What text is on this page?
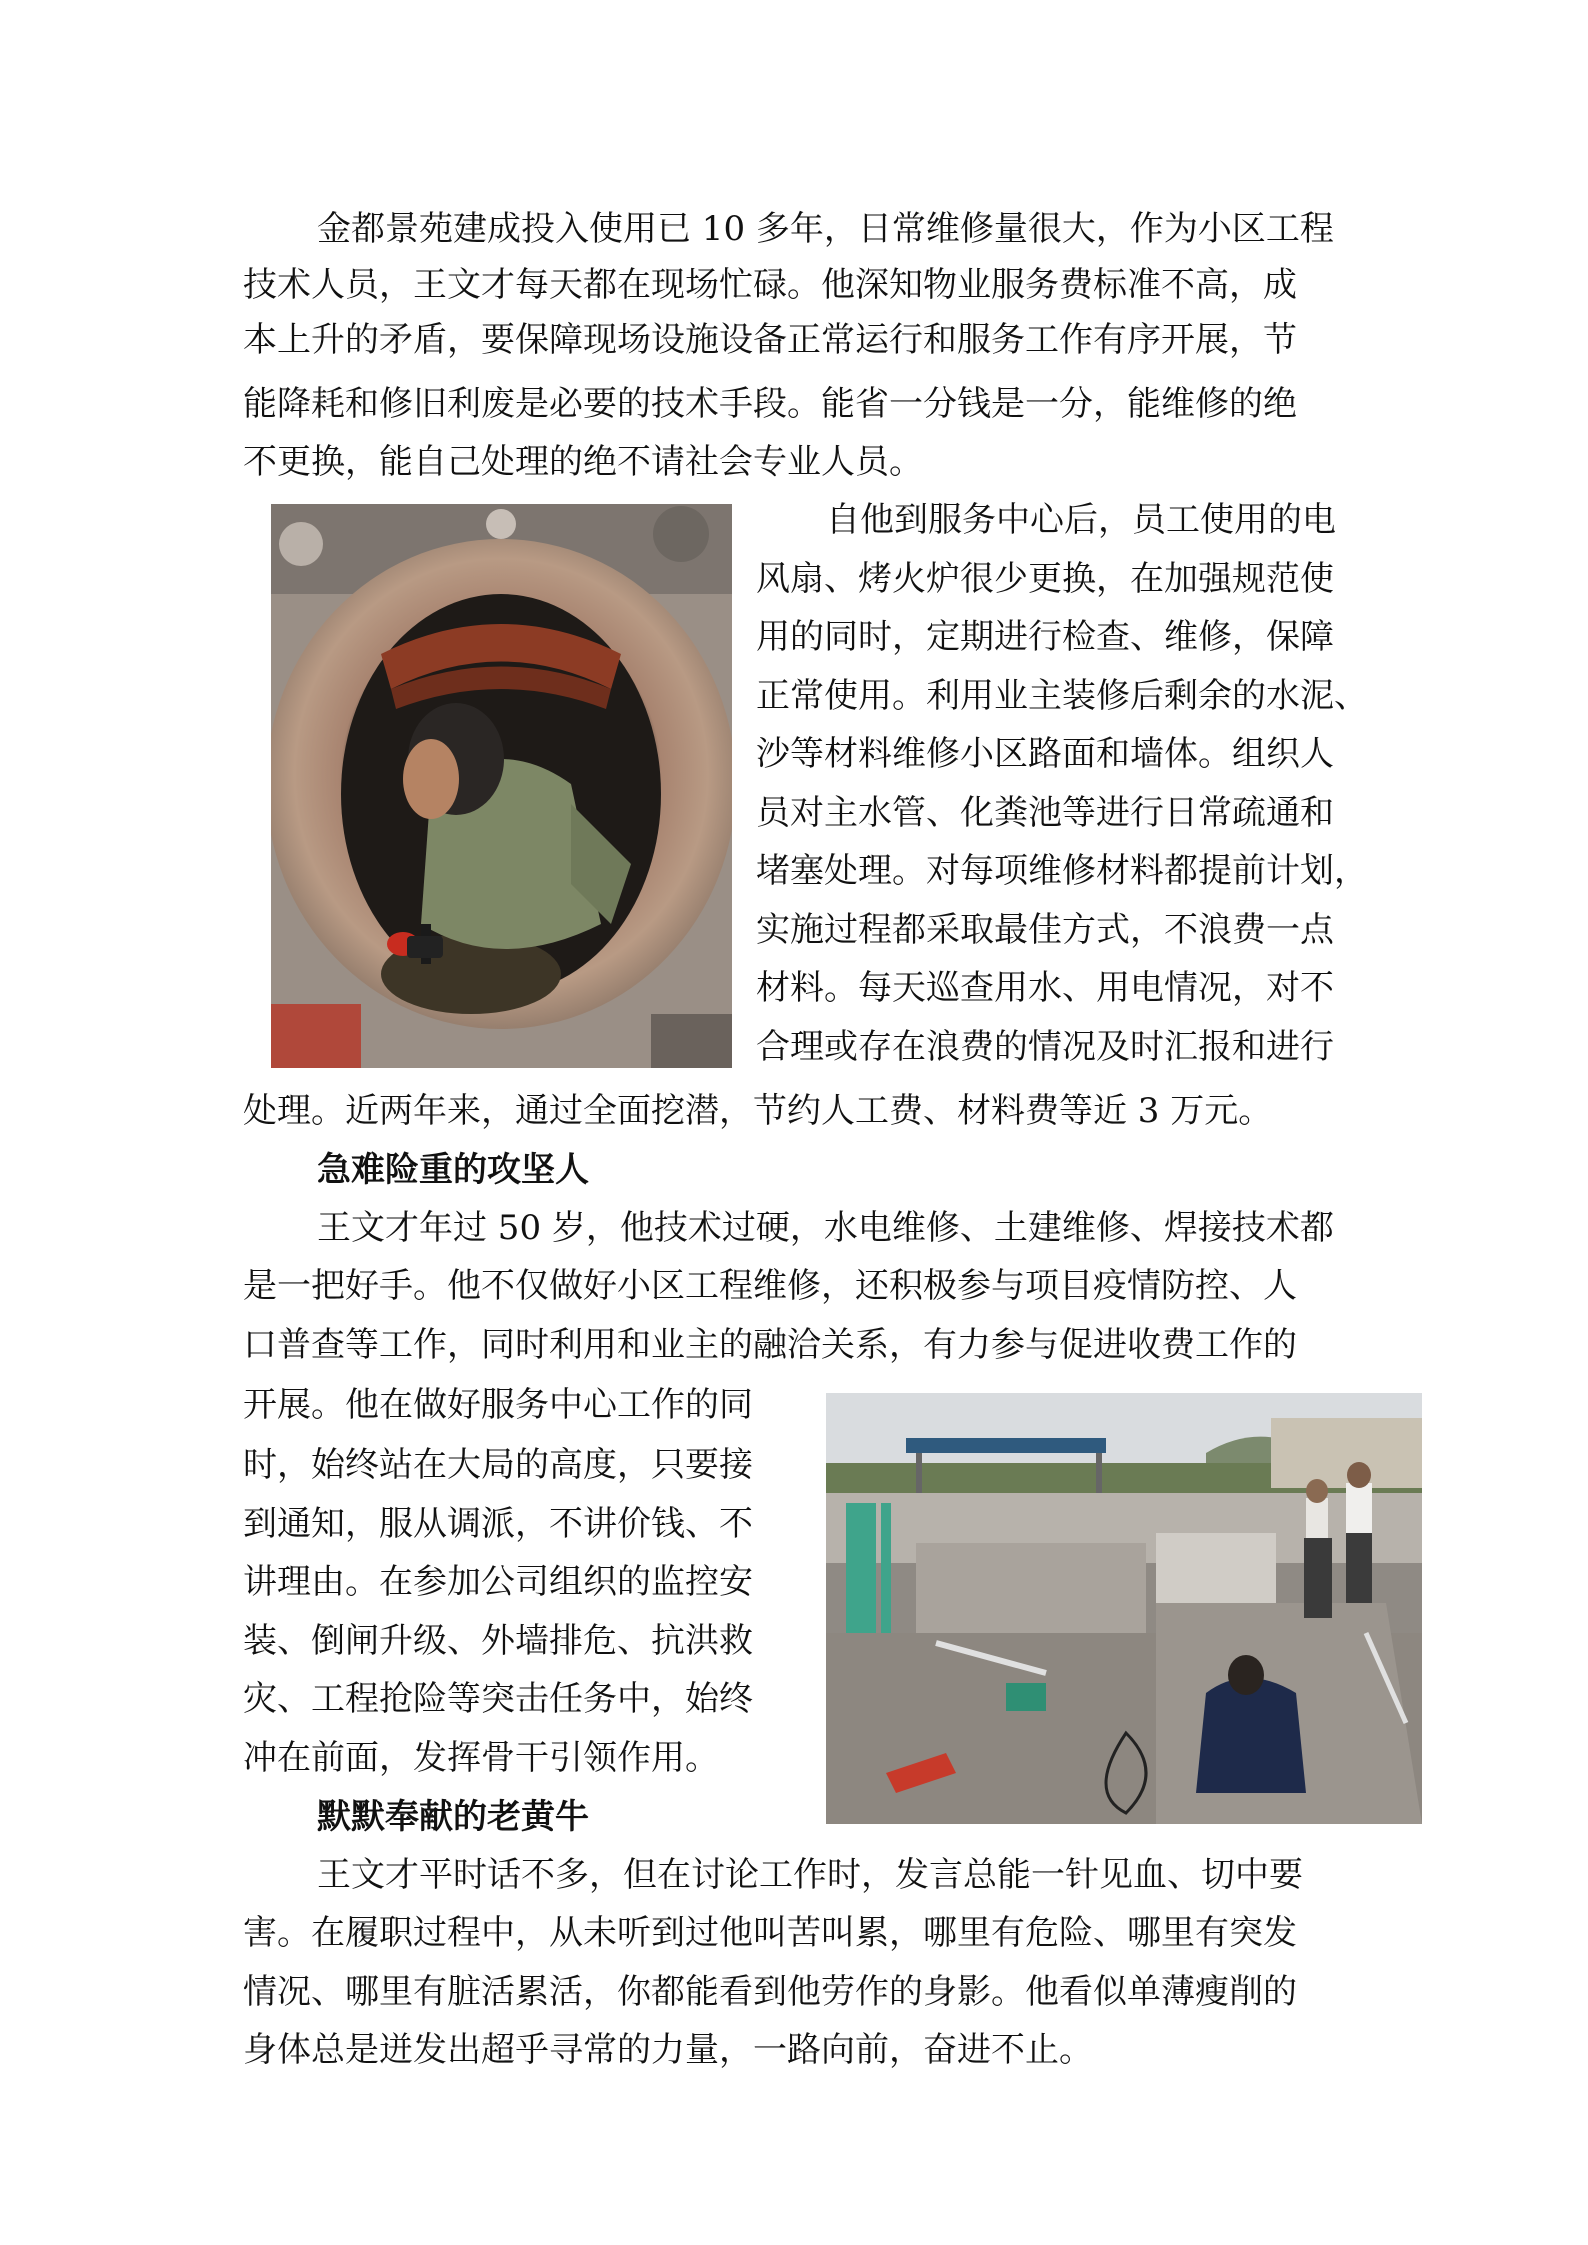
金都景苑建成投入使用已 10 多年，日常维修量很大，作为小区工程
技术人员，王文才每天都在现场忙碌。他深知物业服务费标准不高，成
本上升的矛盾，要保障现场设施设备正常运行和服务工作有序开展，节
能降耗和修旧利废是必要的技术手段。能省一分钱是一分，能维修的绝
不更换，能自己处理的绝不请社会专业人员。
自他到服务中心后，员工使用的电
风扇、烤火炉很少更换，在加强规范使
用的同时，定期进行检查、维修，保障
正常使用。利用业主装修后剩余的水泥、
沙等材料维修小区路面和墙体。组织人
员对主水管、化粪池等进行日常疏通和
堵塞处理。对每项维修材料都提前计划，
实施过程都采取最佳方式，不浪费一点
材料。每天巡查用水、用电情况，对不
合理或存在浪费的情况及时汇报和进行
处理。近两年来，通过全面挖潜，节约人工费、材料费等近 3 万元。
急难险重的攻坚人
王文才年过 50 岁，他技术过硬，水电维修、土建维修、焊接技术都
是一把好手。他不仅做好小区工程维修，还积极参与项目疫情防控、人
口普查等工作，同时利用和业主的融洽关系，有力参与促进收费工作的
开展。他在做好服务中心工作的同
时，始终站在大局的高度，只要接
到通知，服从调派，不讲价钱、不
讲理由。在参加公司组织的监控安
装、倒闸升级、外墙排危、抗洪救
灾、工程抢险等突击任务中，始终
冲在前面，发挥骨干引领作用。
默默奉献的老黄牛
王文才平时话不多，但在讨论工作时，发言总能一针见血、切中要
害。在履职过程中，从未听到过他叫苦叫累，哪里有危险、哪里有突发
情况、哪里有脏活累活，你都能看到他劳作的身影。他看似单薄瘦削的
身体总是迸发出超乎寻常的力量，一路向前，奋进不止。
